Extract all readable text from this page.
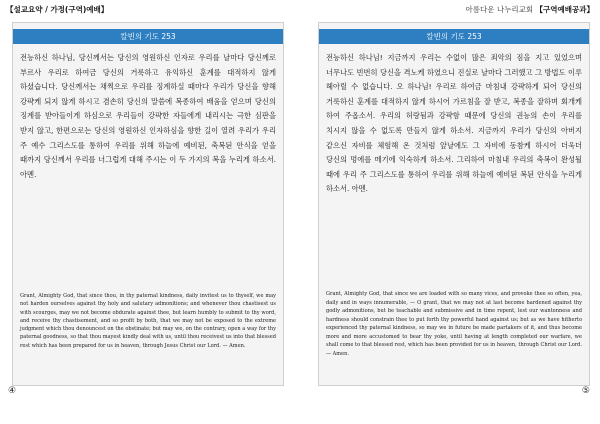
【설교요약 / 가정(구역)예배】	아름다운 나누리교회 【구역예배공과】
칼빈의 기도 253

전능하신 하나님, 당신께서는 당신의 영원하신 인자로 우리를 날마다 당신께로 부르사 우리로 하여금 당신의 거룩하고 유익하신 훈계를 대적하지 않게 하셨습니다. 당신께서는 채찍으로 우리를 징계하실 때마다 우리가 당신을 향해 강퍅케 되지 않게 하시고 겸손히 당신의 말씀에 복종하여 배움을 얻으며 당신의 징계를 받아들이게 하심으로 우리들이 강퍅한 자들에게 내리시는 극한 심판을 받지 않고, 한편으로는 당신의 영원하신 인자하심을 향한 길이 열려 우리가 우리 주 예수 그리스도를 통하여 우리를 위해 하늘에 예비된, 축복된 안식을 얻을 때까지 당신께서 우리를 너그럽게 대해 주시는 이 두 가지의 복을 누리게 하소서. 아멘.

Grant, Almighty God, that since thou, in thy paternal kindness, daily invitest us to thyself, we may not harden ourselves against thy holy and salutary admonitions; and whenever thou chastisest us with scourges, may we not become obdurate against thee, but learn humbly to submit to thy word, and receive thy chastisement, and so profit by both, that we may not be exposed to the extreme judgment which thou denouncest on the obstinate; but may we, on the contrary, open a way for thy paternal goodness, so that thou mayest kindly deal with us, until thou receivest us into that blessed rest which has been prepared for us in heaven, through Jesus Christ our Lord. — Amen.

④
칼빈의 기도 253

전능하신 하나님! 지금까지 우리는 수없이 많은 죄악의 짐을 지고 있었으며 너무나도 빈번히 당신을 격노케 하였으니 진실로 날마다 그러했고 그 방법도 이루 헤아릴 수 없습니다. 오 하나님! 우리로 하여금 마침내 강퍅하게 되어 당신의 거룩하신 훈계를 대적하지 않게 하시어 가르침을 잘 받고, 복종을 잘하며 회개케 하여 주옵소서. 우리의 허랑됨과 강퍅함 때문에 당신의 권능의 손이 우리를 치시지 않을 수 없도록 만들지 않게 하소서. 지금까지 우리가 당신의 아버지 같으신 자비를 체험해 온 것처럼 앞날에도 그 자비에 동참케 하시어 더욱더 당신의 멍에를 메기에 익숙하게 하소서. 그리하여 마침내 우리의 축복이 완성될 때에 우리 주 그리스도를 통하여 우리를 위해 하늘에 예비된 복된 안식을 누리게 하소서. 아멘.

Grant, Almighty God, that since we are loaded with so many vices, and provoke thee so often, yea, daily and in ways innumerable, — O grant, that we may not at last become hardened against thy godly admonitions, but be teachable and submissive and in time repent, lest our wantonness and hardness should constrain thee to put forth thy powerful hand against us; but as we have hitherto experienced thy paternal kindness, so may we in future be made partakers of it, and thus become more and more accustomed to bear thy yoke, until having at length completed our warfare, we shall come to that blessed rest, which has been provided for us in heaven, through Christ our Lord. — Amen.

⑤
